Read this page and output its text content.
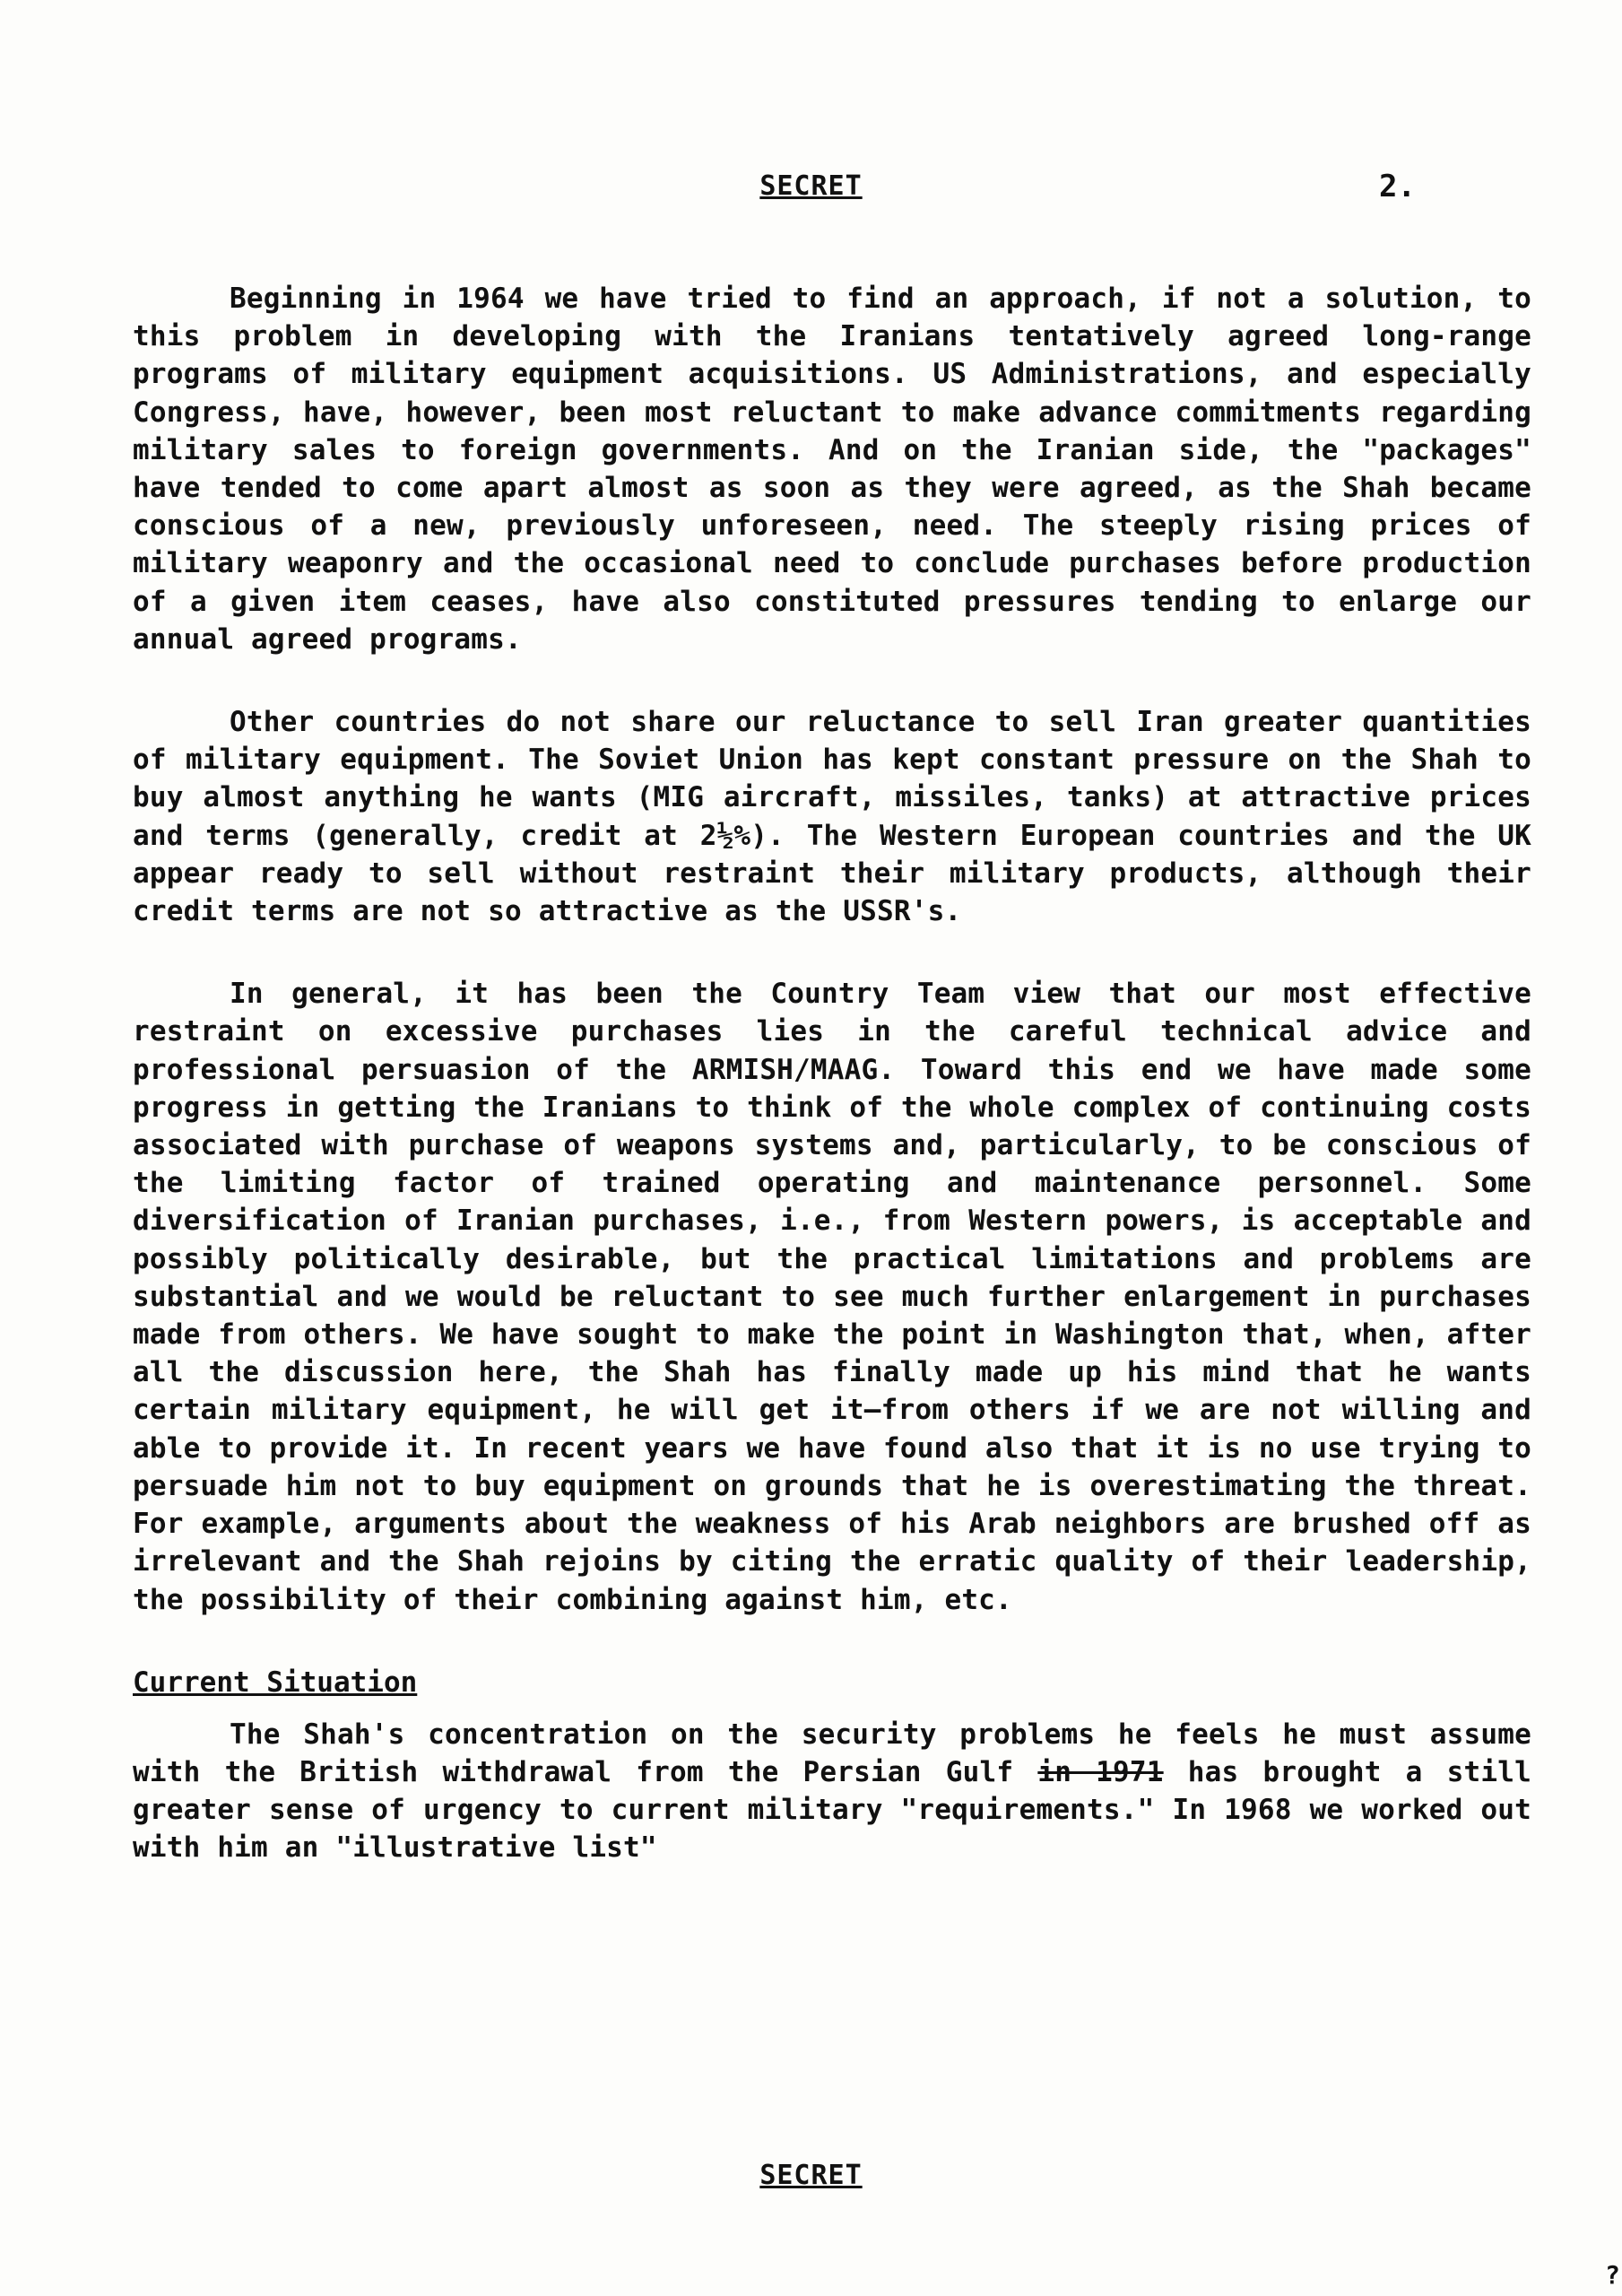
SECRET	2.

Beginning in 1964 we have tried to find an approach, if not a solution, to this problem in developing with the Iranians tentatively agreed long-range programs of military equipment acquisitions. US Administrations, and especially Congress, have, however, been most reluctant to make advance commitments regarding military sales to foreign governments. And on the Iranian side, the "packages" have tended to come apart almost as soon as they were agreed, as the Shah became conscious of a new, previously unforeseen, need. The steeply rising prices of military weaponry and the occasional need to conclude purchases before production of a given item ceases, have also constituted pressures tending to enlarge our annual agreed programs.

Other countries do not share our reluctance to sell Iran greater quantities of military equipment. The Soviet Union has kept constant pressure on the Shah to buy almost anything he wants (MIG aircraft, missiles, tanks) at attractive prices and terms (generally, credit at 2½%). The Western European countries and the UK appear ready to sell without restraint their military products, although their credit terms are not so attractive as the USSR's.

In general, it has been the Country Team view that our most effective restraint on excessive purchases lies in the careful technical advice and professional persuasion of the ARMISH/MAAG. Toward this end we have made some progress in getting the Iranians to think of the whole complex of continuing costs associated with purchase of weapons systems and, particularly, to be conscious of the limiting factor of trained operating and maintenance personnel. Some diversification of Iranian purchases, i.e., from Western powers, is acceptable and possibly politically desirable, but the practical limitations and problems are substantial and we would be reluctant to see much further enlargement in purchases made from others. We have sought to make the point in Washington that, when, after all the discussion here, the Shah has finally made up his mind that he wants certain military equipment, he will get it—from others if we are not willing and able to provide it. In recent years we have found also that it is no use trying to persuade him not to buy equipment on grounds that he is overestimating the threat. For example, arguments about the weakness of his Arab neighbors are brushed off as irrelevant and the Shah rejoins by citing the erratic quality of their leadership, the possibility of their combining against him, etc.

Current Situation

The Shah's concentration on the security problems he feels he must assume with the British withdrawal from the Persian Gulf in 1971 has brought a still greater sense of urgency to current military "requirements." In 1968 we worked out with him an "illustrative list"

SECRET
?
